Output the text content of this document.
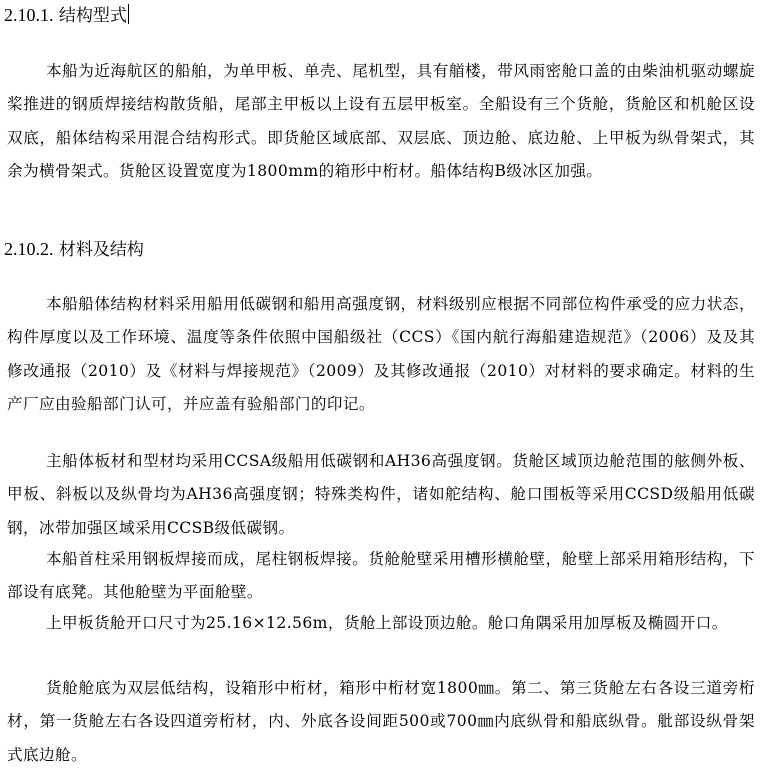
2.10.1. 结构型式

本船为近海航区的船舶，为单甲板、单壳、尾机型，具有艏楼，带风雨密舱口盖的由柴油机驱动螺旋桨推进的钢质焊接结构散货船，尾部主甲板以上设有五层甲板室。全船设有三个货舱，货舱区和机舱区设双底，船体结构采用混合结构形式。即货舱区域底部、双层底、顶边舱、底边舱、上甲板为纵骨架式，其余为横骨架式。货舱区设置宽度为1800mm的箱形中桁材。船体结构B级冰区加强。

2.10.2. 材料及结构

本船船体结构材料采用船用低碳钢和船用高强度钢，材料级别应根据不同部位构件承受的应力状态，构件厚度以及工作环境、温度等条件依照中国船级社（CCS）《国内航行海船建造规范》（2006）及及其修改通报（2010）及《材料与焊接规范》（2009）及其修改通报（2010）对材料的要求确定。材料的生产厂应由验船部门认可，并应盖有验船部门的印记。

主船体板材和型材均采用CCSA级船用低碳钢和AH36高强度钢。货舱区域顶边舱范围的舷侧外板、甲板、斜板以及纵骨均为AH36高强度钢；特殊类构件，诸如舵结构、舱口围板等采用CCSD级船用低碳钢，冰带加强区域采用CCSB级低碳钢。

本船首柱采用钢板焊接而成，尾柱钢板焊接。货舱舱壁采用槽形横舱壁，舱壁上部采用箱形结构，下部设有底凳。其他舱壁为平面舱壁。

上甲板货舱开口尺寸为25.16×12.56m，货舱上部设顶边舱。舱口角隅采用加厚板及椭圆开口。

货舱舱底为双层低结构，设箱形中桁材，箱形中桁材宽1800㎜。第二、第三货舱左右各设三道旁桁材，第一货舱左右各设四道旁桁材，内、外底各设间距500或700㎜内底纵骨和船底纵骨。舭部设纵骨架式底边舱。
